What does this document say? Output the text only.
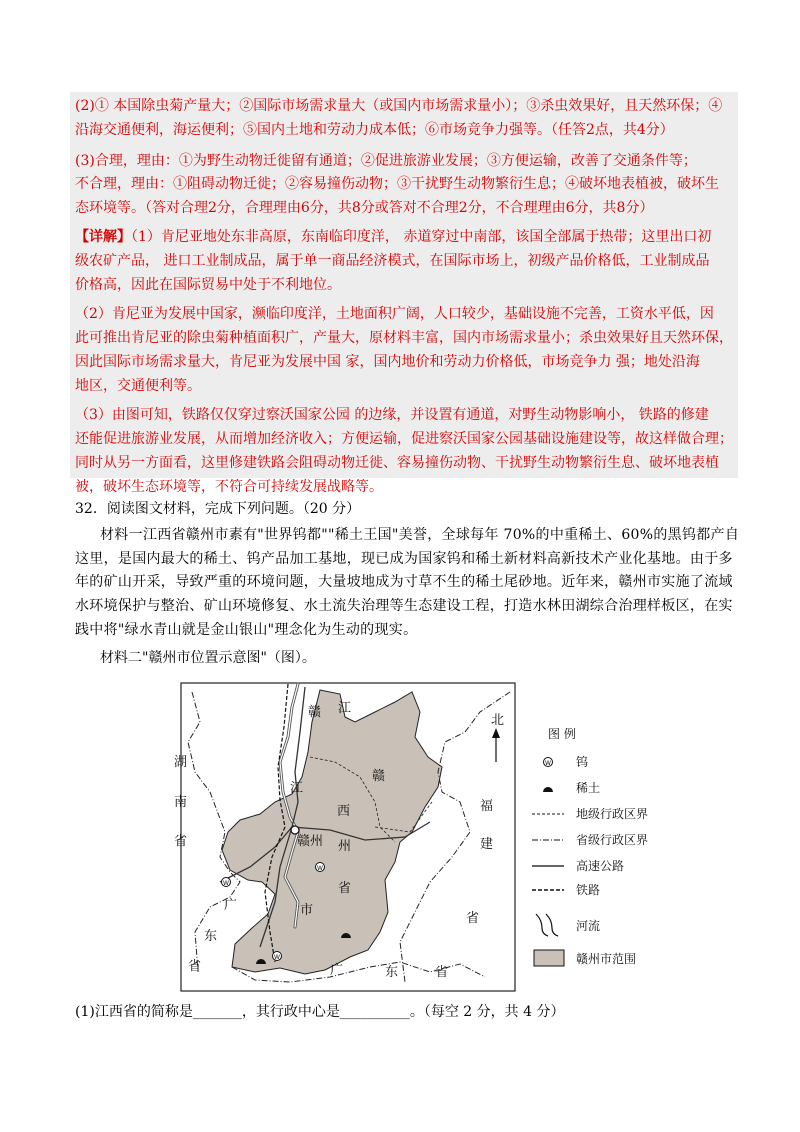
(2)① 本国除虫菊产量大；②国际市场需求量大（或国内市场需求量小）；③杀虫效果好，且天然环保；④
沿海交通便利，海运便利；⑤国内土地和劳动力成本低；⑥市场竞争力强等。（任答2点，共4分）
(3)合理，理由：①为野生动物迁徙留有通道；②促进旅游业发展；③方便运输，改善了交通条件等；
不合理，理由：①阻碍动物迁徙；②容易撞伤动物；③干扰野生动物繁衍生息；④破坏地表植被，破坏生
态环境等。（答对合理2分，合理理由6分，共8分或答对不合理2分，不合理理由6分，共8分）
【详解】（1）肯尼亚地处东非高原，东南临印度洋， 赤道穿过中南部，该国全部属于热带；这里出口初
级农矿产品， 进口工业制成品，属于单一商品经济模式，在国际市场上，初级产品价格低，工业制成品
价格高，因此在国际贸易中处于不利地位。
（2）肯尼亚为发展中国家，濒临印度洋，土地面积广阔，人口较少，基础设施不完善，工资水平低，因
此可推出肯尼亚的除虫菊种植面积广，产量大，原材料丰富，国内市场需求量小；杀虫效果好且天然环保，
因此国际市场需求量大，肯尼亚为发展中国 家，国内地价和劳动力价格低，市场竞争力 强；地处沿海
地区，交通便利等。
（3）由图可知，铁路仅仅穿过察沃国家公园 的边缘，并设置有通道，对野生动物影响小， 铁路的修建
还能促进旅游业发展，从而增加经济收入；方便运输，促进察沃国家公园基础设施建设等，故这样做合理；
同时从另一方面看，这里修建铁路会阻碍动物迁徙、容易撞伤动物、干扰野生动物繁衍生息、破坏地表植
被，破坏生态环境等，不符合可持续发展战略等。
32．阅读图文材料，完成下列问题。（20 分）
材料一江西省赣州市素有"世界钨都""稀土王国"美誉，全球每年 70%的中重稀土、60%的黑钨都产自
这里，是国内最大的稀土、钨产品加工基地，现已成为国家钨和稀土新材料高新技术产业化基地。由于多
年的矿山开采，导致严重的环境问题，大量坡地成为寸草不生的稀土尾砂地。近年来，赣州市实施了流域
水环境保护与整治、矿山环境修复、水土流失治理等生态建设工程，打造水林田湖综合治理样板区，在实
践中将"绿水青山就是金山银山"理念化为生动的现实。
材料二"赣州市位置示意图"（图）。
W
W
W
北
赣 江
江
赣
西
州
市
省
赣州
湖
南
省
福
建
省
广
东
省	广	东	省
图 例
W 钨
稀土
地级行政区界
省级行政区界
高速公路
铁路
河流
赣州市范围
(1)江西省的简称是_______，其行政中心是__________。（每空 2 分，共 4 分）
